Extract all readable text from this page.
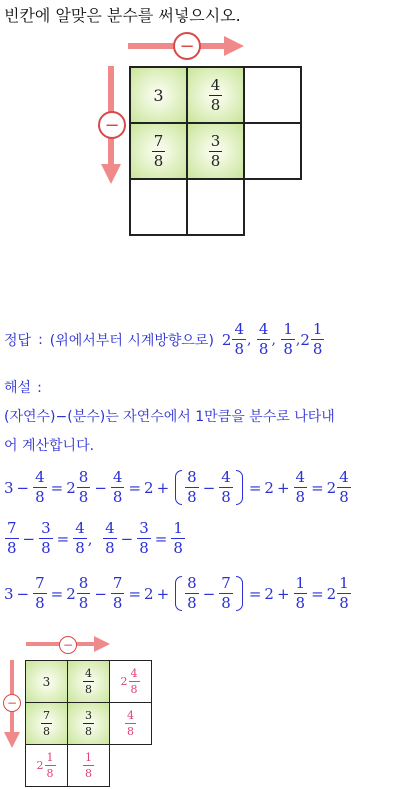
빈칸에 알맞은 분수를 써넣으시오.
−
−
3	$\frac{4}{8}$

$\frac{7}{8}$	$\frac{3}{8}$

정답 : (위에서부터 시계방향으로) $2 \frac{4}{8}$ , $\frac{4}{8}$ , $\frac{1}{8}$ , $2 \frac{1}{8}$
해설 :
(자연수)−(분수)는 자연수에서 1만큼을 분수로 나타내
어 계산합니다.
$3 - \frac{4}{8} = 2 \frac{8}{8} - \frac{4}{8} = 2 + \frac{8}{8} - \frac{4}{8} = 2 + \frac{4}{8} = 2 \frac{4}{8}$
$\frac{7}{8} - \frac{3}{8} = \frac{4}{8}$ , $\frac{4}{8} - \frac{3}{8} = \frac{1}{8}$
$3 - \frac{7}{8} = 2 \frac{8}{8} - \frac{7}{8} = 2 + \frac{8}{8} - \frac{7}{8} = 2 + \frac{1}{8} = 2 \frac{1}{8}$
−
−
3	$\frac{4}{8}$	$2 \frac{4}{8}$

$\frac{7}{8}$	$\frac{3}{8}$	$\frac{4}{8}$

$2 \frac{1}{8}$	$\frac{1}{8}$
